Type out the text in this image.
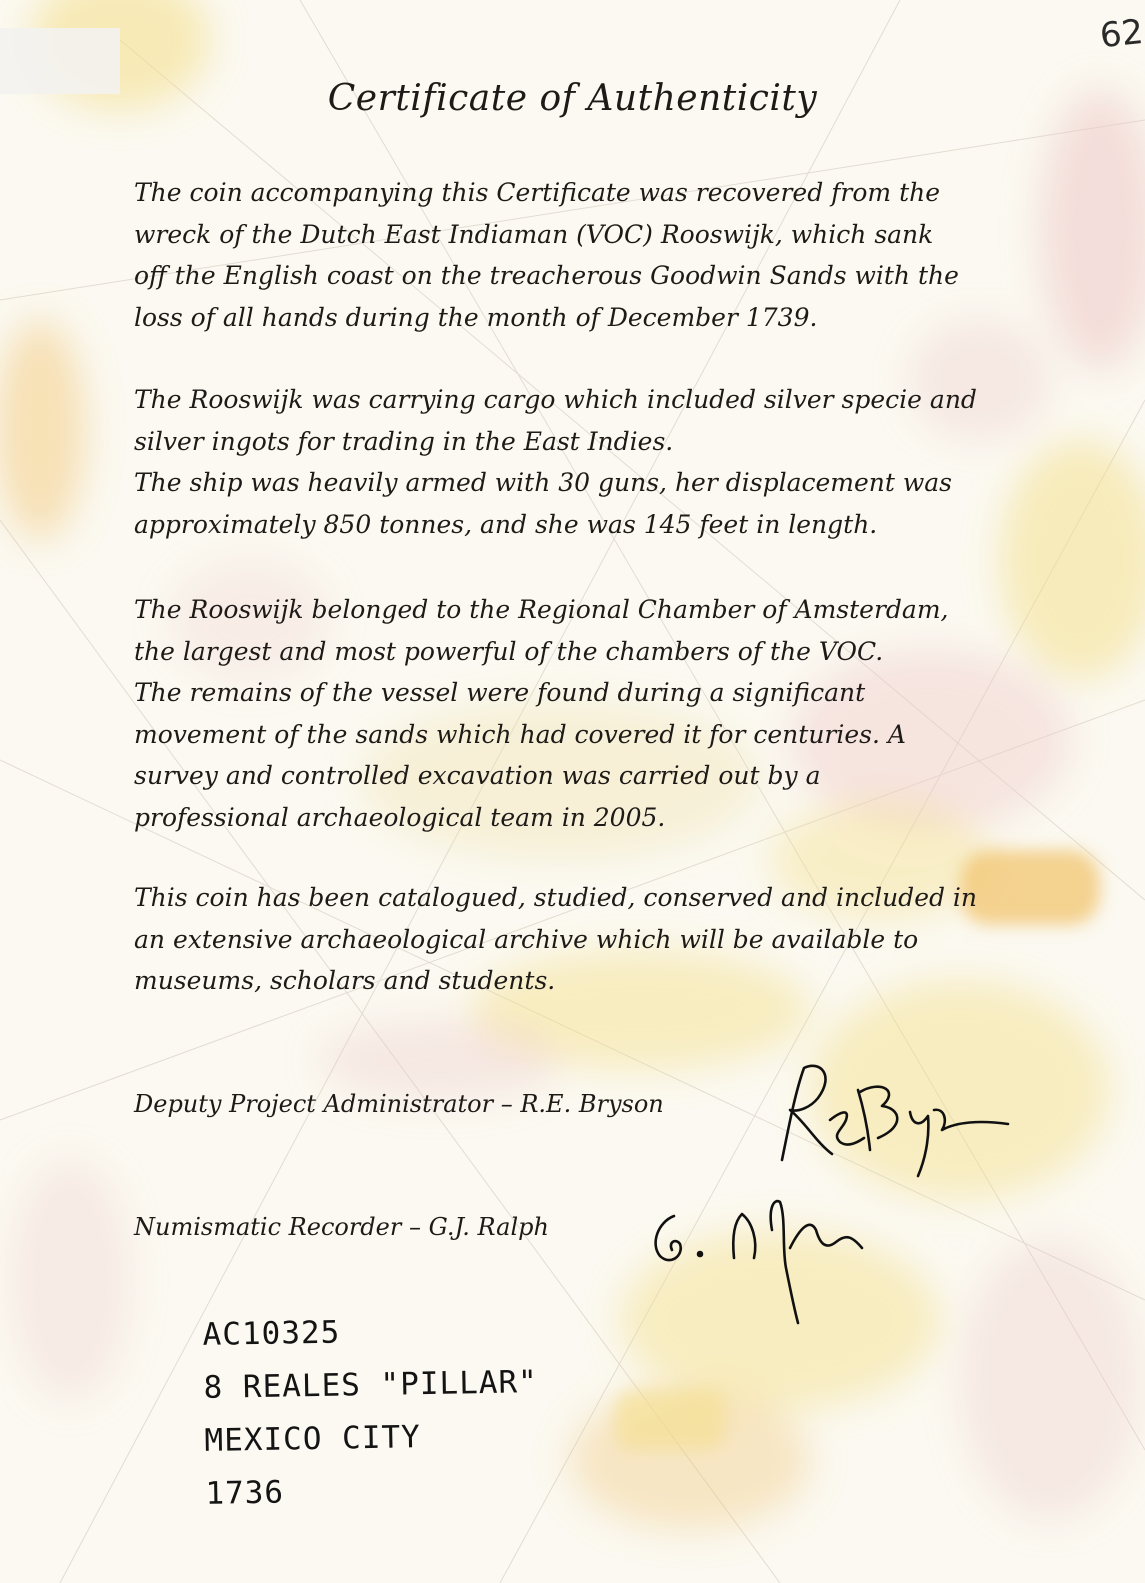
62
Certificate of Authenticity

The coin accompanying this Certificate was recovered from the
wreck of the Dutch East Indiaman (VOC) Rooswijk, which sank
off the English coast on the treacherous Goodwin Sands with the
loss of all hands during the month of December 1739.

The Rooswijk was carrying cargo which included silver specie and
silver ingots for trading in the East Indies.
The ship was heavily armed with 30 guns, her displacement was
approximately 850 tonnes, and she was 145 feet in length.

The Rooswijk belonged to the Regional Chamber of Amsterdam,
the largest and most powerful of the chambers of the VOC.
The remains of the vessel were found during a significant
movement of the sands which had covered it for centuries. A
survey and controlled excavation was carried out by a
professional archaeological team in 2005.

This coin has been catalogued, studied, conserved and included in
an extensive archaeological archive which will be available to
museums, scholars and students.

Deputy Project Administrator – R.E. Bryson
Numismatic Recorder – G.J. Ralph
AC10325
8 REALES "PILLAR"
MEXICO CITY
1736
